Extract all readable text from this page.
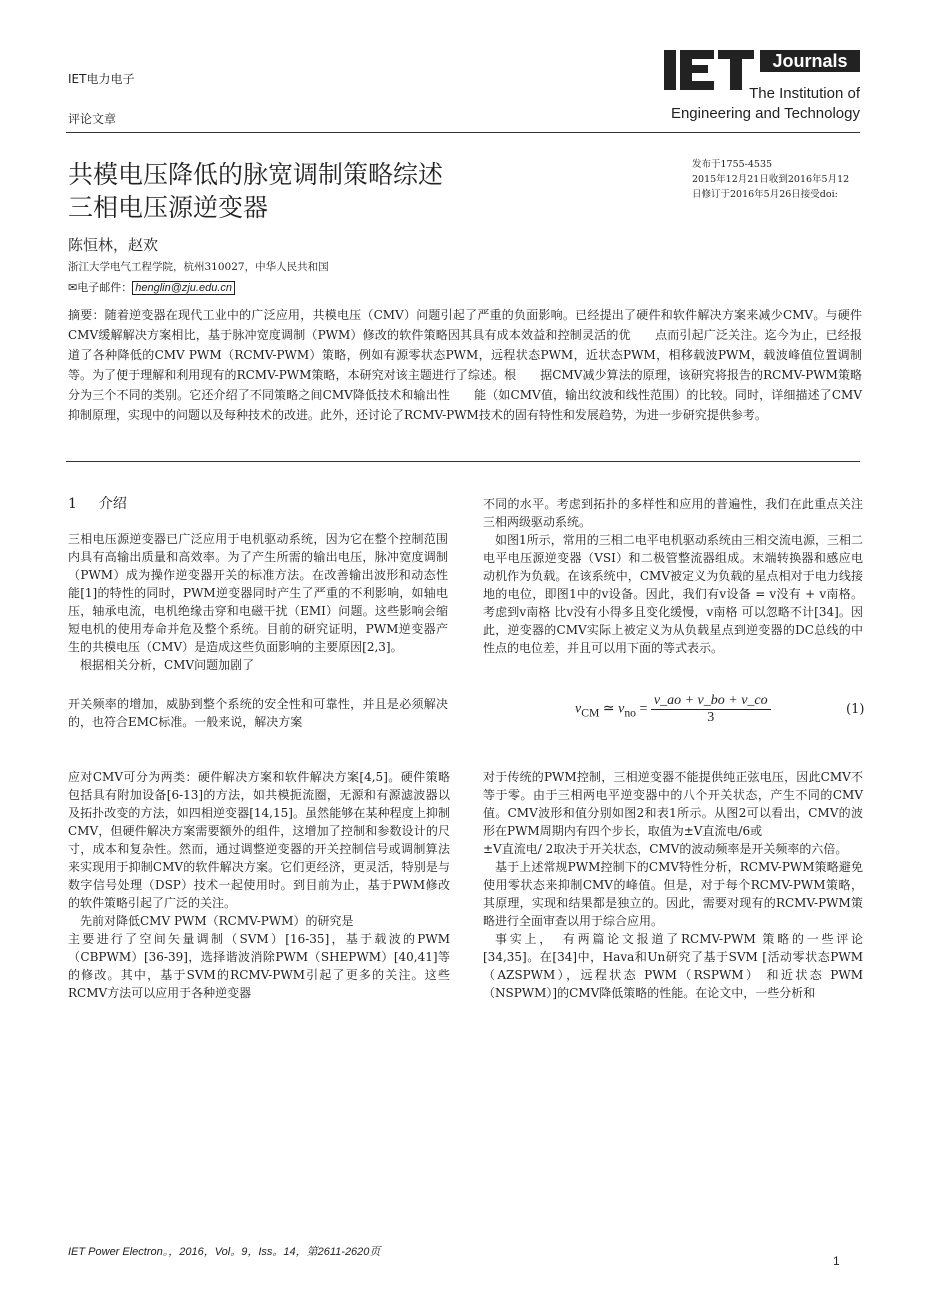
IET电力电子
评论文章
Journals
The Institution of
Engineering and Technology
发布于1755-4535
2015年12月21日收到2016年5月12
日修订于2016年5月26日接受doi:
共模电压降低的脉宽调制策略综述
三相电压源逆变器
陈恒林，赵欢
浙江大学电气工程学院，杭州310027，中华人民共和国
✉电子邮件：henglin@zju.edu.cn
摘要：随着逆变器在现代工业中的广泛应用，共模电压（CMV）问题引起了严重的负面影响。已经提出了硬件和软件解决方案来减少CMV。与硬件CMV缓解解决方案相比，基于脉冲宽度调制（PWM）修改的软件策略因其具有成本效益和控制灵活的优　　点而引起广泛关注。迄今为止，已经报道了各种降低的CMV PWM（RCMV-PWM）策略，例如有源零状态PWM，远程状态PWM，近状态PWM，相移载波PWM，载波峰值位置调制等。为了便于理解和利用现有的RCMV-PWM策略，本研究对该主题进行了综述。根　　据CMV减少算法的原理，该研究将报告的RCMV-PWM策略分为三个不同的类别。它还介绍了不同策略之间CMV降低技术和输出性　　能（如CMV值，输出纹波和线性范围）的比较。同时，详细描述了CMV抑制原理，实现中的问题以及每种技术的改进。此外，还讨论了RCMV-PWM技术的固有特性和发展趋势，为进一步研究提供参考。
1 介绍

三相电压源逆变器已广泛应用于电机驱动系统，因为它在整个控制范围内具有高输出质量和高效率。为了产生所需的输出电压，脉冲宽度调制（PWM）成为操作逆变器开关的标准方法。在改善输出波形和动态性能[1]的特性的同时，PWM逆变器同时产生了严重的不利影响，如轴电压，轴承电流，电机绝缘击穿和电磁干扰（EMI）问题。这些影响会缩短电机的使用寿命并危及整个系统。目前的研究证明，PWM逆变器产生的共模电压（CMV）是造成这些负面影响的主要原因[2,3]。

根据相关分析，CMV问题加剧了

开关频率的增加，威胁到整个系统的安全性和可靠性，并且是必须解决的，也符合EMC标准。一般来说，解决方案

不同的水平。考虑到拓扑的多样性和应用的普遍性，我们在此重点关注三相两级驱动系统。

如图1所示，常用的三相二电平电机驱动系统由三相交流电源，三相二电平电压源逆变器（VSI）和二极管整流器组成。末端转换器和感应电动机作为负载。在该系统中，CMV被定义为负载的星点相对于电力线接地的电位，即图1中的v设备。因此，我们有v设备 = v没有 + v南格。考虑到v南格 比v没有小得多且变化缓慢，v南格 可以忽略不计[34]。因此，逆变器的CMV实际上被定义为从负载星点到逆变器的DC总线的中性点的电位差，并且可以用下面的等式表示。

$v_{CM}$ ≃ $v_{no} = \frac{v\_ao + v\_bo + v\_co}{3}$	(1)

应对CMV可分为两类：硬件解决方案和软件解决方案[4,5]。硬件策略包括具有附加设备[6-13]的方法，如共模扼流圈，无源和有源滤波器以及拓扑改变的方法，如四相逆变器[14,15]。虽然能够在某种程度上抑制CMV，但硬件解决方案需要额外的组件，这增加了控制和参数设计的尺寸，成本和复杂性。然而，通过调整逆变器的开关控制信号或调制算法来实现用于抑制CMV的软件解决方案。它们更经济，更灵活，特别是与数字信号处理（DSP）技术一起使用时。到目前为止，基于PWM修改的软件策略引起了广泛的关注。

先前对降低CMV PWM（RCMV-PWM）的研究是

主要进行了空间矢量调制（SVM）[16-35]，基于载波的PWM（CBPWM）[36-39]，选择谐波消除PWM（SHEPWM）[40,41]等的修改。其中，基于SVM的RCMV-PWM引起了更多的关注。这些RCMV方法可以应用于各种逆变器

对于传统的PWM控制，三相逆变器不能提供纯正弦电压，因此CMV不等于零。由于三相两电平逆变器中的八个开关状态，产生不同的CMV值。CMV波形和值分别如图2和表1所示。从图2可以看出，CMV的波形在PWM周期内有四个步长，取值为±V直流电/6或

±V直流电/ 2取决于开关状态，CMV的波动频率是开关频率的六倍。

基于上述常规PWM控制下的CMV特性分析，RCMV-PWM策略避免使用零状态来抑制CMV的峰值。但是，对于每个RCMV-PWM策略，其原理，实现和结果都是独立的。因此，需要对现有的RCMV-PWM策略进行全面审查以用于综合应用。

事实上，　有两篇论文报道了RCMV-PWM 策略的一些评论[34,35]。在[34]中，Hava和Un研究了基于SVM [活动零状态PWM（AZSPWM），远程状态 PWM（RSPWM） 和近状态 PWM（NSPWM）]的CMV降低策略的性能。在论文中，一些分析和

IET Power Electron。，2016，Vol。9，Iss。14，第2611-2620页
1
